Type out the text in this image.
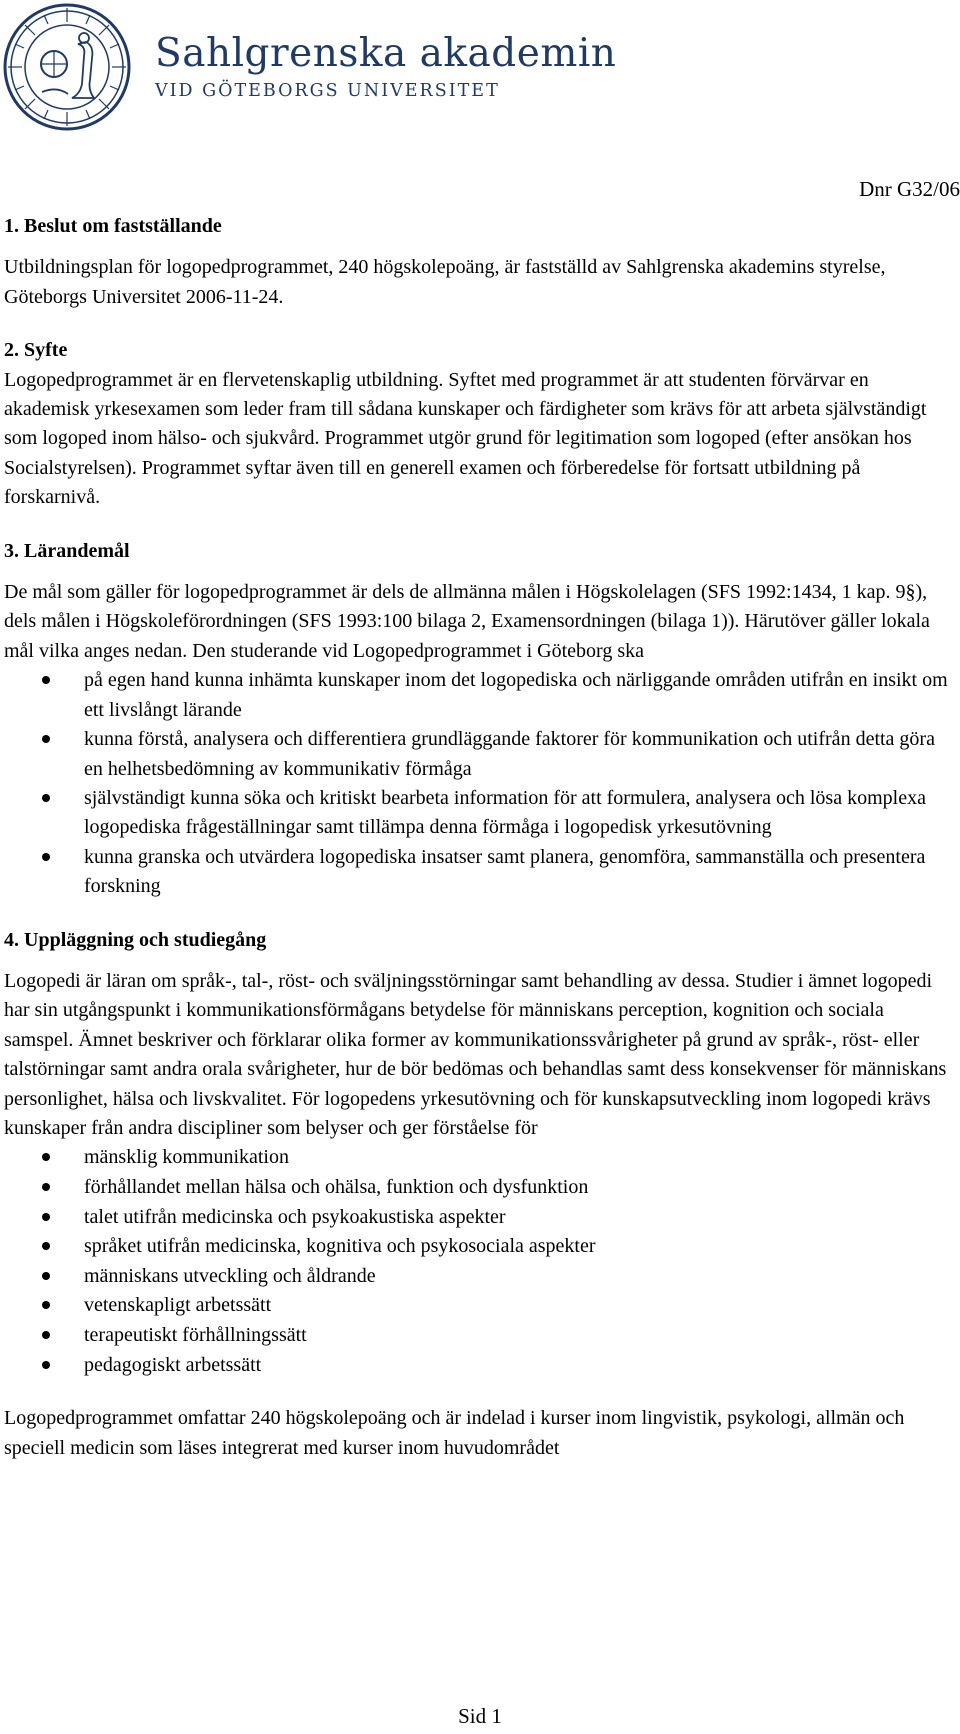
Sahlgrenska akademin
VID GÖTEBORGS UNIVERSITET
Dnr G32/06

1. Beslut om fastställande

Utbildningsplan för logopedprogrammet, 240 högskolepoäng, är fastställd av Sahlgrenska akademins styrelse, Göteborgs Universitet 2006-11-24.

2. Syfte

Logopedprogrammet är en flervetenskaplig utbildning. Syftet med programmet är att studenten förvärvar en akademisk yrkesexamen som leder fram till sådana kunskaper och färdigheter som krävs för att arbeta självständigt som logoped inom hälso- och sjukvård. Programmet utgör grund för legitimation som logoped (efter ansökan hos Socialstyrelsen). Programmet syftar även till en generell examen och förberedelse för fortsatt utbildning på forskarnivå.

3. Lärandemål

De mål som gäller för logopedprogrammet är dels de allmänna målen i Högskolelagen (SFS 1992:1434, 1 kap. 9§), dels målen i Högskoleförordningen (SFS 1993:100 bilaga 2, Examensordningen (bilaga 1)). Härutöver gäller lokala mål vilka anges nedan. Den studerande vid Logopedprogrammet i Göteborg ska

på egen hand kunna inhämta kunskaper inom det logopediska och närliggande områden utifrån en insikt om ett livslångt lärande
kunna förstå, analysera och differentiera grundläggande faktorer för kommunikation och utifrån detta göra en helhetsbedömning av kommunikativ förmåga
självständigt kunna söka och kritiskt bearbeta information för att formulera, analysera och lösa komplexa logopediska frågeställningar samt tillämpa denna förmåga i logopedisk yrkesutövning
kunna granska och utvärdera logopediska insatser samt planera, genomföra, sammanställa och presentera forskning

4. Uppläggning och studiegång

Logopedi är läran om språk-, tal-, röst- och sväljningsstörningar samt behandling av dessa. Studier i ämnet logopedi har sin utgångspunkt i kommunikationsförmågans betydelse för människans perception, kognition och sociala samspel. Ämnet beskriver och förklarar olika former av kommunikationssvårigheter på grund av språk-, röst- eller talstörningar samt andra orala svårigheter, hur de bör bedömas och behandlas samt dess konsekvenser för människans personlighet, hälsa och livskvalitet. För logopedens yrkesutövning och för kunskapsutveckling inom logopedi krävs kunskaper från andra discipliner som belyser och ger förståelse för

mänsklig kommunikation
förhållandet mellan hälsa och ohälsa, funktion och dysfunktion
talet utifrån medicinska och psykoakustiska aspekter
språket utifrån medicinska, kognitiva och psykosociala aspekter
människans utveckling och åldrande
vetenskapligt arbetssätt
terapeutiskt förhållningssätt
pedagogiskt arbetssätt

Logopedprogrammet omfattar 240 högskolepoäng och är indelad i kurser inom lingvistik, psykologi, allmän och speciell medicin som läses integrerat med kurser inom huvudområdet

Sid 1
